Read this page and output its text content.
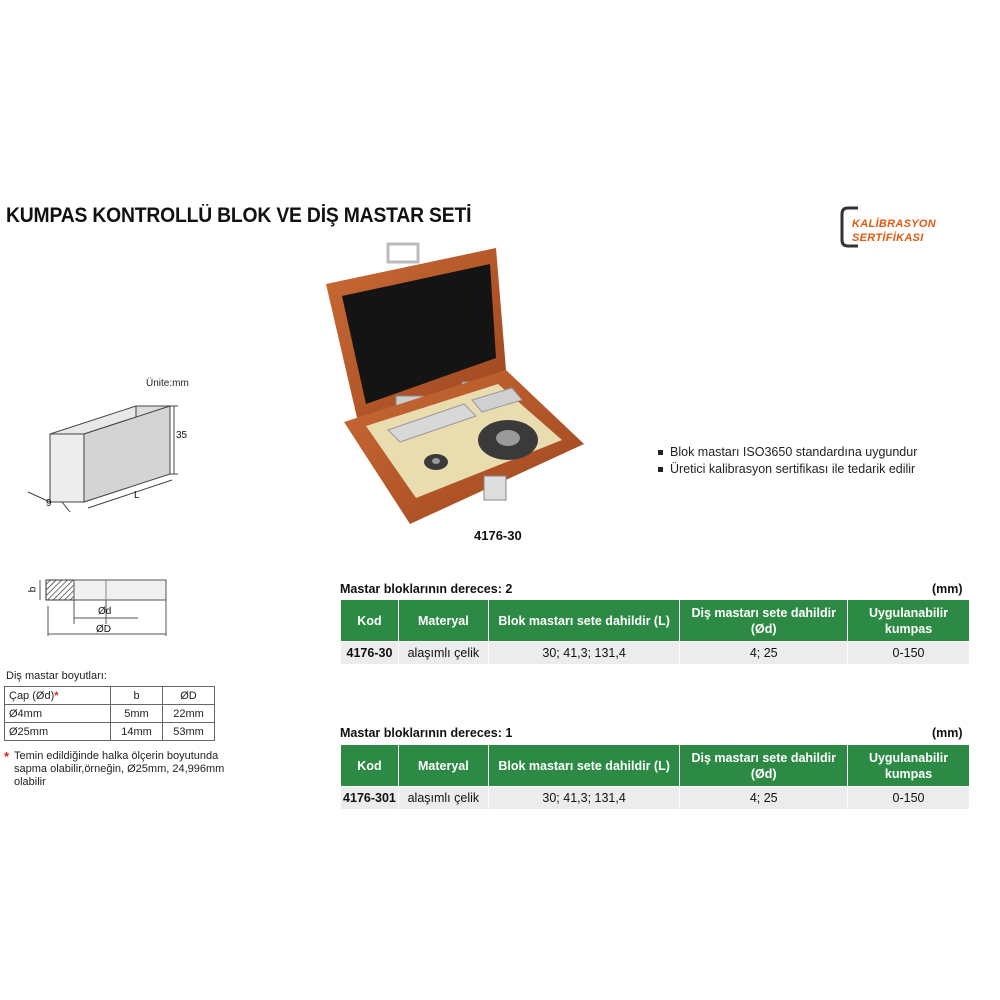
KUMPAS KONTROLLÜ BLOK VE DİŞ MASTAR SETİ	KALİBRASYON
SERTİFİKASI
Ünite:mm
35
L
9
b
Ød
ØD
4176-30
Blok mastarı ISO3650 standardına uygundur
Üretici kalibrasyon sertifikası ile tedarik edilir
Diş mastar boyutları:
Çap (Ød)*	b	ØD
Ø4mm	5mm	22mm
Ø25mm	14mm	53mm
* Temin edildiğinde halka ölçerin boyutunda sapma olabilir,örneğin, Ø25mm, 24,996mm olabilir

Mastar bloklarının dereces: 2	(mm)
Kod	Materyal	Blok mastarı sete dahildir (L)	Diş mastarı sete dahildir (Ød)	Uygulanabilir kumpas
4176-30	alaşımlı çelik	30; 41,3; 131,4	4; 25	0-150
Mastar bloklarının dereces: 1	(mm)
Kod	Materyal	Blok mastarı sete dahildir (L)	Diş mastarı sete dahildir (Ød)	Uygulanabilir kumpas
4176-301	alaşımlı çelik	30; 41,3; 131,4	4; 25	0-150
